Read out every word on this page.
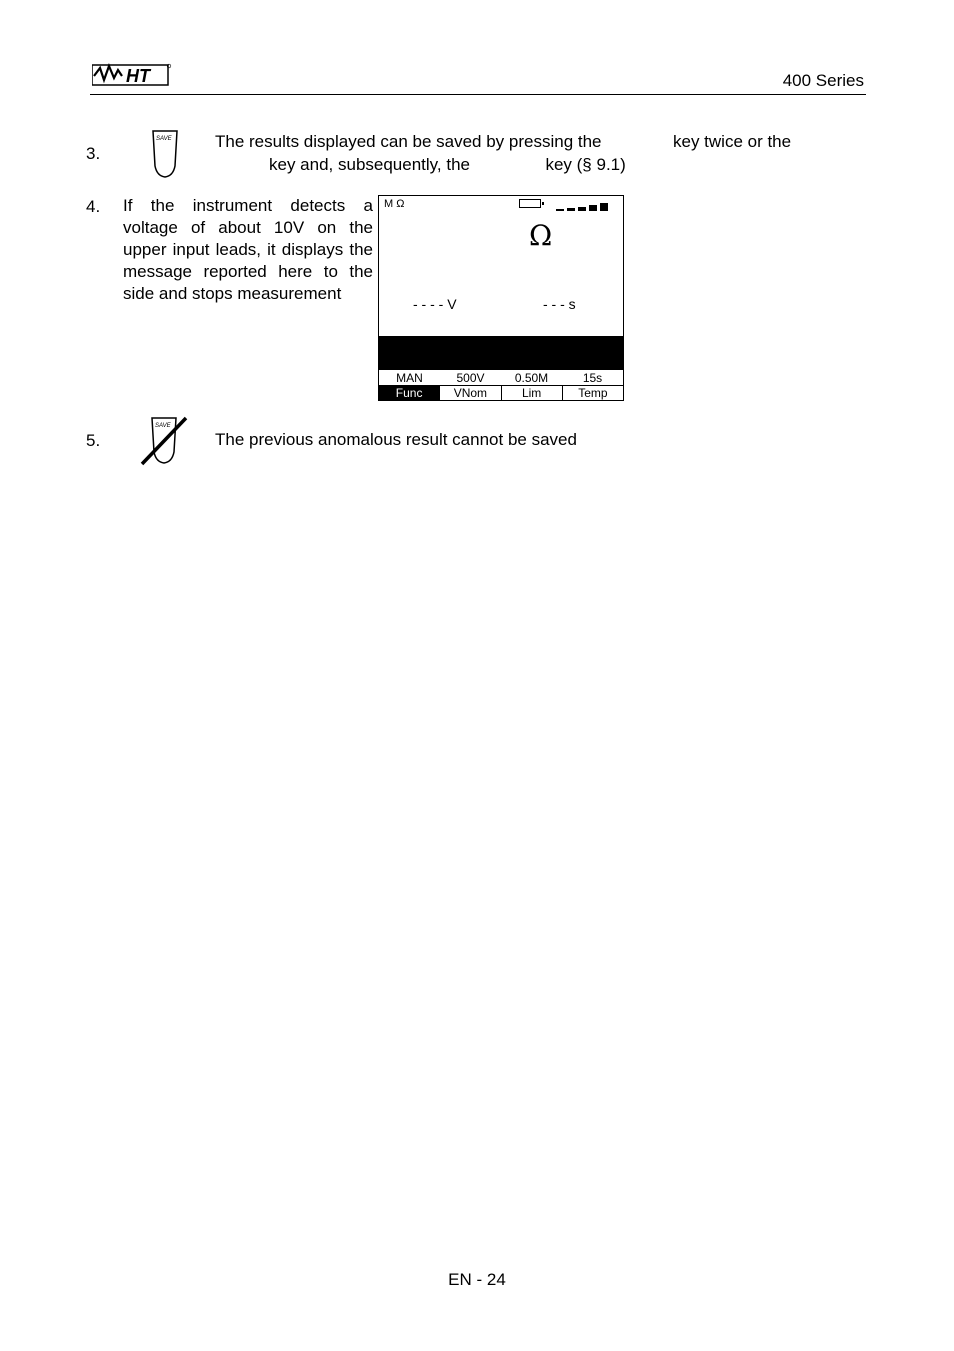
HT	400 Series
3.
SAVE	The results displayed can be saved by pressing the	key twice or the
key and, subsequently, the	key (§ 9.1)
4. If the instrument detects a voltage of about 10V on the upper input leads, it displays the message reported here to the side and stops measurement
M Ω
Ω
- - - - V	- - - s
MAN	500V	0.50M	15s
Func	VNom	Lim	Temp
5.
SAVE
The previous anomalous result cannot be saved
EN - 24
